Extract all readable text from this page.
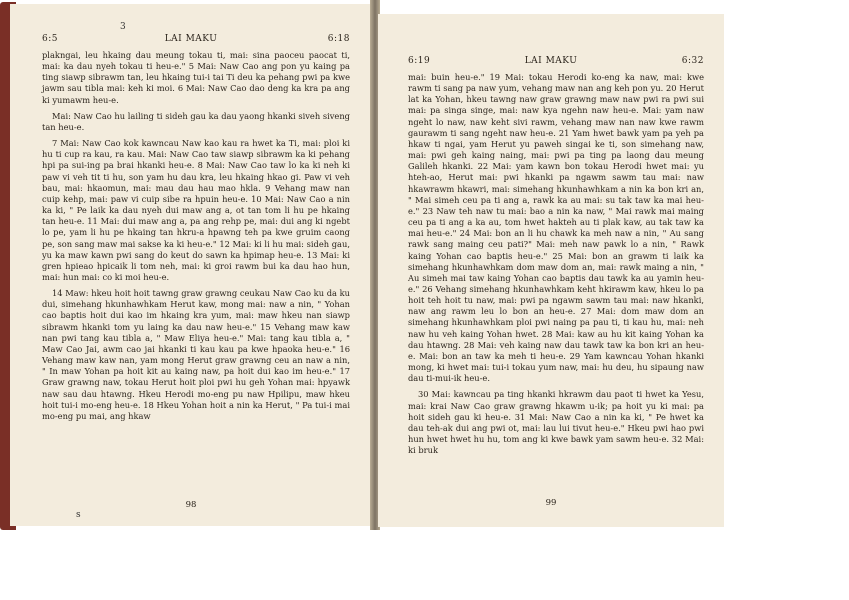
6:5	LAI MAKU	6:18
3

plakngai, leu hkaing dau meung tokau ti, mai: sina paoceu paocat ti, mai: ka dau nyeh tokau ti heu-e." 5 Mai: Naw Cao ang pon yu kaing pa ting siawp sibrawm tan, leu hkaing tui-i tai Ti deu ka pehang pwi pa kwe jawm sau tibla mai: keh ki moi. 6 Mai: Naw Cao dao deng ka kra pa ang ki yumawm heu-e.

Mai: Naw Cao hu lailing ti sideh gau ka dau yaong hkanki siveh siveng tan heu-e.

7 Mai: Naw Cao kok kawncau Naw kao kau ra hwet ka Ti, mai: ploi ki hu ti cup ra kau, ra kau. Mai: Naw Cao taw siawp sibrawm ka ki pehang hpi pa sui-ing pa brai hkanki heu-e. 8 Mai: Naw Cao taw lo ka ki neh ki paw vi veh tit ti hu, son yam hu dau kra, leu hkaing hkao gi. Paw vi veh bau, mai: hkaomun, mai: mau dau hau mao hkla. 9 Vehang maw nan cuip kehp, mai: paw vi cuip sibe ra hpuin heu-e. 10 Mai: Naw Cao a nin ka ki, " Pe laik ka dau nyeh dui maw ang a, ot tan tom li hu pe hkaing tan heu-e. 11 Mai: dui maw ang a, pa ang rehp pe, mai: dui ang ki ngebt lo pe, yam li hu pe hkaing tan hkru-a hpawng teh pa kwe gruim caong pe, son sang maw mai sakse ka ki heu-e." 12 Mai: ki li hu mai: sideh gau, yu ka maw kawn pwi sang do keut do sawn ka hpimap heu-e. 13 Mai: ki gren hpieao hpicaik li tom neh, mai: ki groi rawm bui ka dau hao hun, mai: hun mai: co ki moi heu-e.

14 Maw: hkeu hoit hoit tawng graw grawng ceukau Naw Cao ku da ku dui, simehang hkunhawhkam Herut kaw, mong mai: naw a nin, " Yohan cao baptis hoit dui kao im hkaing kra yum, mai: maw hkeu nan siawp sibrawm hkanki tom yu laing ka dau naw heu-e." 15 Vehang maw kaw nan pwi tang kau tibla a, " Maw Eliya heu-e." Mai: tang kau tibla a, " Maw Cao Jai, awm cao jai hkanki ti kau kau pa kwe hpaoka heu-e." 16 Vehang maw kaw nan, yam mong Herut graw grawng ceu an naw a nin, " In maw Yohan pa hoit kit au kaing naw, pa hoit dui kao im heu-e." 17 Graw grawng naw, tokau Herut hoit ploi pwi hu geh Yohan mai: hpyawk naw sau dau htawng. Hkeu Herodi mo-eng pu naw Hpilipu, maw hkeu hoit tui-i mo-eng heu-e. 18 Hkeu Yohan hoit a nin ka Herut, " Pa tui-i mai mo-eng pu mai, ang hkaw

s
98
6:19	LAI MAKU	6:32

mai: buin heu-e." 19 Mai: tokau Herodi ko-eng ka naw, mai: kwe rawm ti sang pa naw yum, vehang maw nan ang keh pon yu. 20 Herut lat ka Yohan, hkeu tawng naw graw grawng maw naw pwi ra pwi sui mai: pa singa singe, mai: naw kya ngehn naw heu-e. Mai: yam naw ngeht lo naw, naw keht sivi rawm, vehang maw nan naw kwe rawm gaurawm ti sang ngeht naw heu-e. 21 Yam hwet bawk yam pa yeh pa hkaw ti ngai, yam Herut yu paweh singai ke ti, son simehang naw, mai: pwi geh kaing naing, mai: pwi pa ting pa laong dau meung Galileh hkanki. 22 Mai: yam kawn bon tokau Herodi hwet mai: yu hteh-ao, Herut mai: pwi hkanki pa ngawm sawm tau mai: naw hkawrawm hkawri, mai: simehang hkunhawhkam a nin ka bon kri an, " Mai simeh ceu pa ti ang a, rawk ka au mai: su tak taw ka mai heu-e." 23 Naw teh naw tu mai: bao a nin ka naw, " Mai rawk mai maing ceu pa ti ang a ka au, tom hwet hakteh au ti plak kaw, au tak taw ka mai heu-e." 24 Mai: bon an li hu chawk ka meh naw a nin, " Au sang rawk sang maing ceu pati?" Mai: meh naw pawk lo a nin, " Rawk kaing Yohan cao baptis heu-e." 25 Mai: bon an grawm ti laik ka simehang hkunhawhkam dom maw dom an, mai: rawk maing a nin, " Au simeh mai taw kaing Yohan cao baptis dau tawk ka au yamin heu-e." 26 Vehang simehang hkunhawhkam keht hkirawm kaw, hkeu lo pa hoit teh hoit tu naw, mai: pwi pa ngawm sawm tau mai: naw hkanki, naw ang rawm leu lo bon an heu-e. 27 Mai: dom maw dom an simehang hkunhawhkam ploi pwi naing pa pau ti, ti kau hu, mai: neh naw hu veh kaing Yohan hwet. 28 Mai: kaw au hu kit kaing Yohan ka dau htawng. 28 Mai: veh kaing naw dau tawk taw ka bon kri an heu-e. Mai: bon an taw ka meh ti heu-e. 29 Yam kawncau Yohan hkanki mong, ki hwet mai: tui-i tokau yum naw, mai: hu deu, hu sipaung naw dau ti-mui-ik heu-e.

30 Mai: kawncau pa ting hkanki hkrawm dau paot ti hwet ka Yesu, mai: krai Naw Cao graw grawng hkawm u-ik; pa hoit yu ki mai: pa hoit sideh gau ki heu-e. 31 Mai: Naw Cao a nin ka ki, " Pe hwet ka dau teh-ak dui ang pwi ot, mai: lau lui tivut heu-e." Hkeu pwi hao pwi hun hwet hwet hu hu, tom ang ki kwe bawk yam sawm heu-e. 32 Mai: ki bruk

99
